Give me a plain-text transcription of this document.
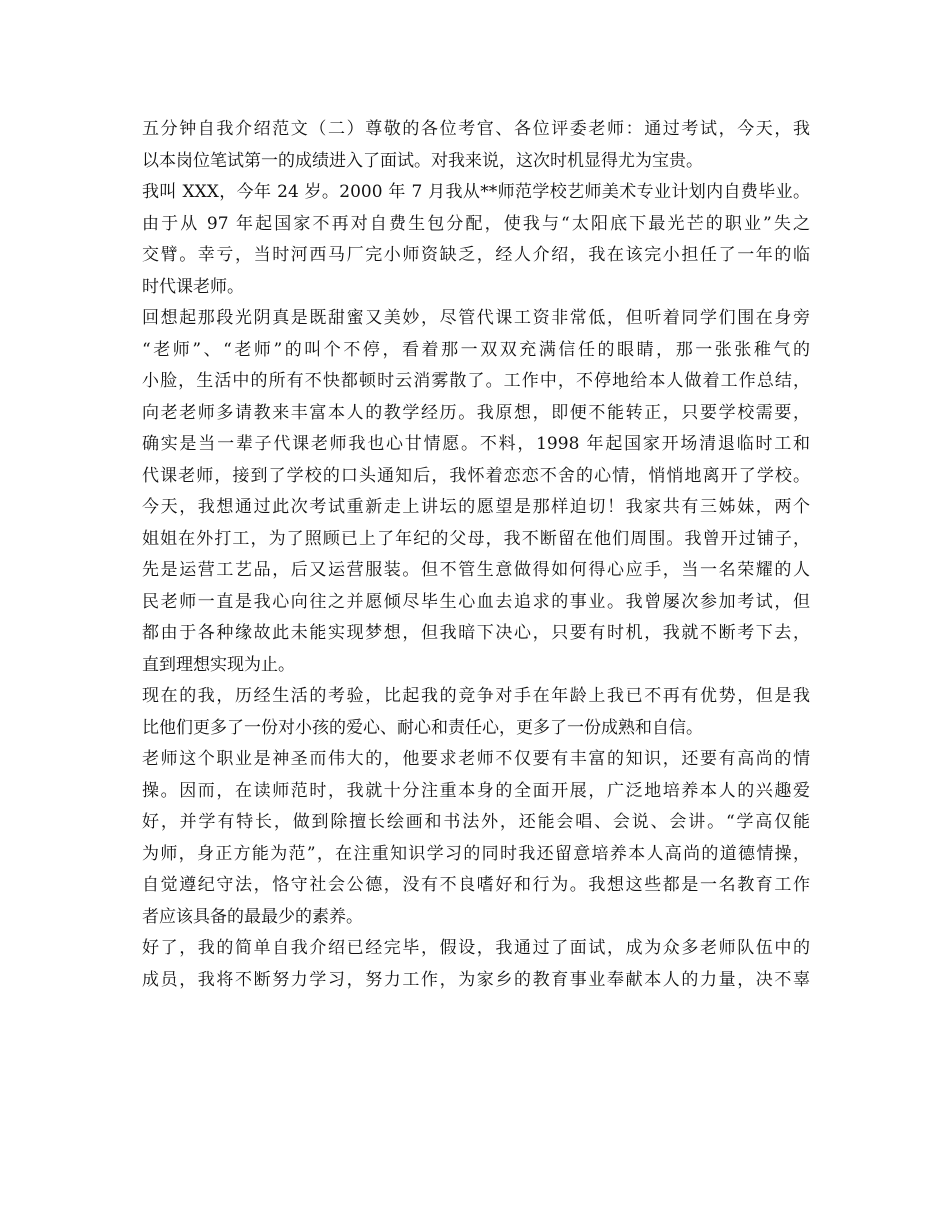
五分钟自我介绍范文（二）尊敬的各位考官、各位评委老师：通过考试，今天，我
以本岗位笔试第一的成绩进入了面试。对我来说，这次时机显得尤为宝贵。
我叫 XXX，今年 24 岁。2000 年 7 月我从**师范学校艺师美术专业计划内自费毕业。
由于从 97 年起国家不再对自费生包分配，使我与“太阳底下最光芒的职业”失之
交臂。幸亏，当时河西马厂完小师资缺乏，经人介绍，我在该完小担任了一年的临
时代课老师。
回想起那段光阴真是既甜蜜又美妙，尽管代课工资非常低，但听着同学们围在身旁
“老师”、“老师”的叫个不停，看着那一双双充满信任的眼睛，那一张张稚气的
小脸，生活中的所有不快都顿时云消雾散了。工作中，不停地给本人做着工作总结，
向老老师多请教来丰富本人的教学经历。我原想，即便不能转正，只要学校需要，
确实是当一辈子代课老师我也心甘情愿。不料，1998 年起国家开场清退临时工和
代课老师，接到了学校的口头通知后，我怀着恋恋不舍的心情，悄悄地离开了学校。
今天，我想通过此次考试重新走上讲坛的愿望是那样迫切！我家共有三姊妹，两个
姐姐在外打工，为了照顾已上了年纪的父母，我不断留在他们周围。我曾开过铺子，
先是运营工艺品，后又运营服装。但不管生意做得如何得心应手，当一名荣耀的人
民老师一直是我心向往之并愿倾尽毕生心血去追求的事业。我曾屡次参加考试，但
都由于各种缘故此未能实现梦想，但我暗下决心，只要有时机，我就不断考下去，
直到理想实现为止。
现在的我，历经生活的考验，比起我的竞争对手在年龄上我已不再有优势，但是我
比他们更多了一份对小孩的爱心、耐心和责任心，更多了一份成熟和自信。
老师这个职业是神圣而伟大的，他要求老师不仅要有丰富的知识，还要有高尚的情
操。因而，在读师范时，我就十分注重本身的全面开展，广泛地培养本人的兴趣爱
好，并学有特长，做到除擅长绘画和书法外，还能会唱、会说、会讲。“学高仅能
为师，身正方能为范”，在注重知识学习的同时我还留意培养本人高尚的道德情操，
自觉遵纪守法，恪守社会公德，没有不良嗜好和行为。我想这些都是一名教育工作
者应该具备的最最少的素养。
好了，我的简单自我介绍已经完毕，假设，我通过了面试，成为众多老师队伍中的
成员，我将不断努力学习，努力工作，为家乡的教育事业奉献本人的力量，决不辜
